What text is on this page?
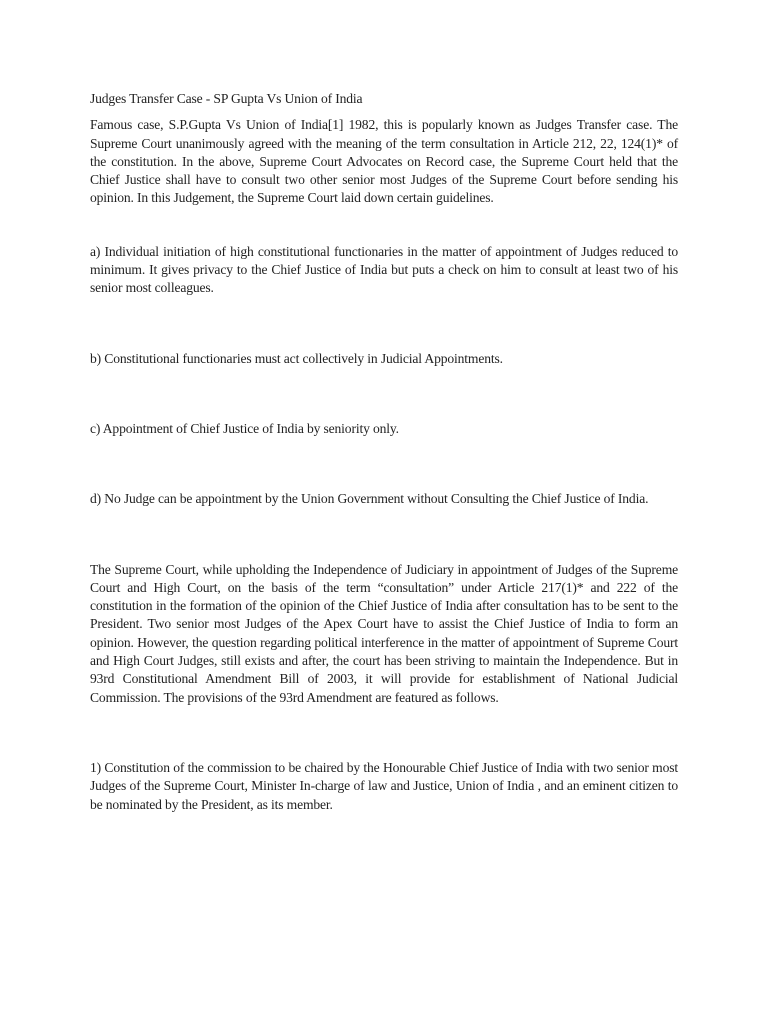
Judges Transfer Case - SP Gupta Vs Union of India

Famous case, S.P.Gupta Vs Union of India[1] 1982, this is popularly known as Judges Transfer case. The Supreme Court unanimously agreed with the meaning of the term consultation in Article 212, 22, 124(1)* of the constitution. In the above, Supreme Court Advocates on Record case, the Supreme Court held that the Chief Justice shall have to consult two other senior most Judges of the Supreme Court before sending his opinion. In this Judgement, the Supreme Court laid down certain guidelines.

a) Individual initiation of high constitutional functionaries in the matter of appointment of Judges reduced to minimum. It gives privacy to the Chief Justice of India but puts a check on him to consult at least two of his senior most colleagues.

b) Constitutional functionaries must act collectively in Judicial Appointments.

c) Appointment of Chief Justice of India by seniority only.

d) No Judge can be appointment by the Union Government without Consulting the Chief Justice of India.

The Supreme Court, while upholding the Independence of Judiciary in appointment of Judges of the Supreme Court and High Court, on the basis of the term “consultation” under Article 217(1)* and 222 of the constitution in the formation of the opinion of the Chief Justice of India after consultation has to be sent to the President. Two senior most Judges of the Apex Court have to assist the Chief Justice of India to form an opinion. However, the question regarding political interference in the matter of appointment of Supreme Court and High Court Judges, still exists and after, the court has been striving to maintain the Independence. But in 93rd Constitutional Amendment Bill of 2003, it will provide for establishment of National Judicial Commission. The provisions of the 93rd Amendment are featured as follows.

1) Constitution of the commission to be chaired by the Honourable Chief Justice of India with two senior most Judges of the Supreme Court, Minister In-charge of law and Justice, Union of India , and an eminent citizen to be nominated by the President, as its member.
